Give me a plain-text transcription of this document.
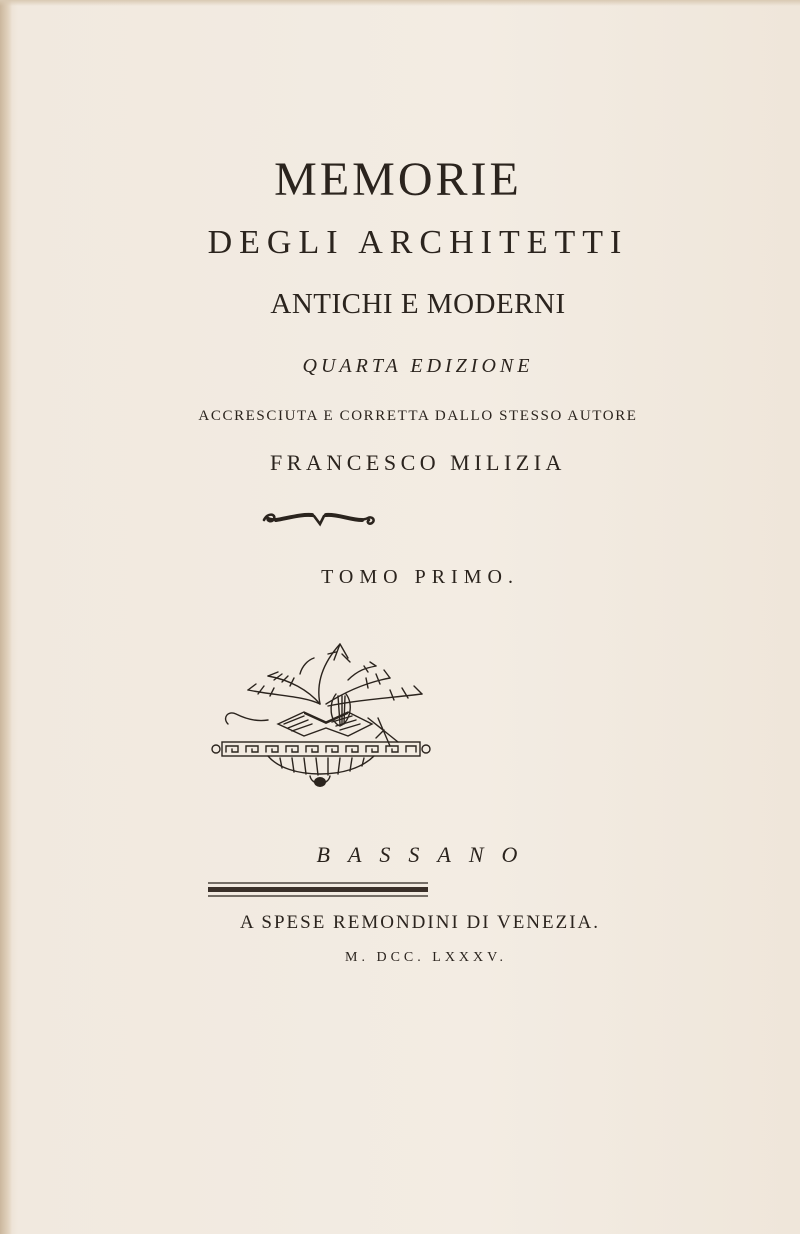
MEMORIE
DEGLI ARCHITETTI
ANTICHI E MODERNI
QUARTA EDIZIONE
ACCRESCIUTA E CORRETTA DALLO STESSO AUTORE
FRANCESCO MILIZIA
TOMO PRIMO.
BASSANO
A SPESE REMONDINI DI VENEZIA.
M. DCC. LXXXV.
